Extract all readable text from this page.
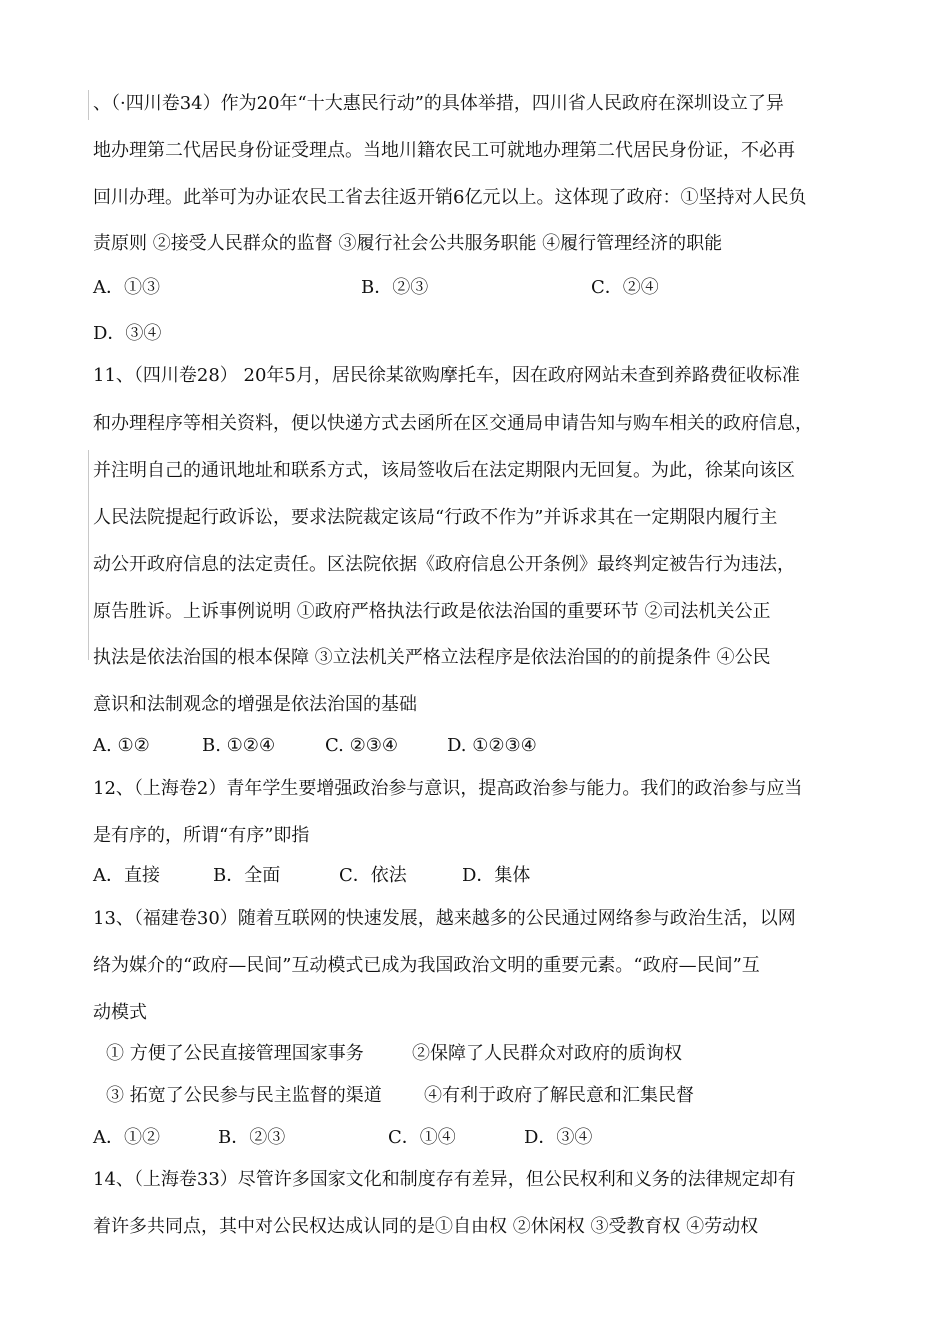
、（·四川卷34）作为20年“十大惠民行动”的具体举措，四川省人民政府在深圳设立了异
地办理第二代居民身份证受理点。当地川籍农民工可就地办理第二代居民身份证，不必再
回川办理。此举可为办证农民工省去往返开销6亿元以上。这体现了政府：①坚持对人民负
责原则 ②接受人民群众的监督 ③履行社会公共服务职能 ④履行管理经济的职能
A．①③	B．②③	C．②④
D．③④
11、（四川卷28） 20年5月，居民徐某欲购摩托车，因在政府网站未查到养路费征收标准
和办理程序等相关资料，便以快递方式去函所在区交通局申请告知与购车相关的政府信息，
并注明自己的通讯地址和联系方式，该局签收后在法定期限内无回复。为此，徐某向该区
人民法院提起行政诉讼，要求法院裁定该局“行政不作为”并诉求其在一定期限内履行主
动公开政府信息的法定责任。区法院依据《政府信息公开条例》最终判定被告行为违法，
原告胜诉。上诉事例说明 ①政府严格执法行政是依法治国的重要环节 ②司法机关公正
执法是依法治国的根本保障 ③立法机关严格立法程序是依法治国的的前提条件 ④公民
意识和法制观念的增强是依法治国的基础
A. ①②	B. ①②④	C. ②③④	D. ①②③④
12、（上海卷2）青年学生要增强政治参与意识，提高政治参与能力。我们的政治参与应当
是有序的，所谓“有序”即指
A．直接	B．全面	C．依法	D．集体
13、（福建卷30）随着互联网的快速发展，越来越多的公民通过网络参与政治生活，以网
络为媒介的“政府—民间”互动模式已成为我国政治文明的重要元素。“政府—民间”互
动模式
① 方便了公民直接管理国家事务	②保障了人民群众对政府的质询权
③ 拓宽了公民参与民主监督的渠道 ④有利于政府了解民意和汇集民督
A．①②	B．②③	C．①④	D．③④
14、（上海卷33）尽管许多国家文化和制度存有差异，但公民权利和义务的法律规定却有
着许多共同点，其中对公民权达成认同的是①自由权 ②休闲权 ③受教育权 ④劳动权
